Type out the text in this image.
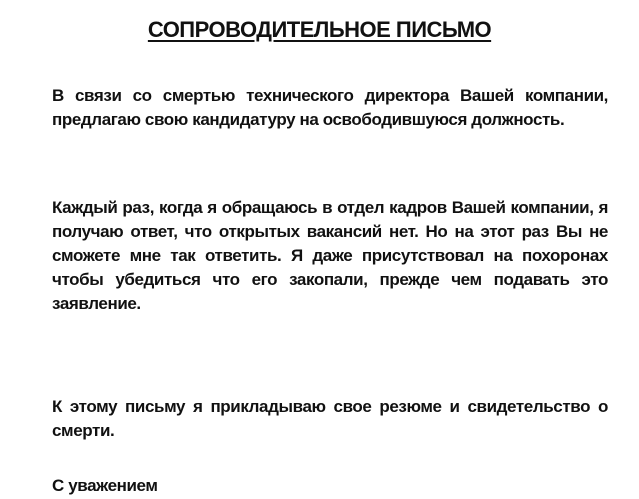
СОПРОВОДИТЕЛЬНОЕ ПИСЬМО

В связи со смертью технического директора Вашей компании, предлагаю свою кандидатуру на освободившуюся должность.

Каждый раз, когда я обращаюсь в отдел кадров Вашей компании, я получаю ответ, что открытых вакансий нет. Но на этот раз Вы не сможете мне так ответить. Я даже присутствовал на похоронах чтобы убедиться что его закопали, прежде чем подавать это заявление.

К этому письму я прикладываю свое резюме и свидетельство о смерти.

С уважением
